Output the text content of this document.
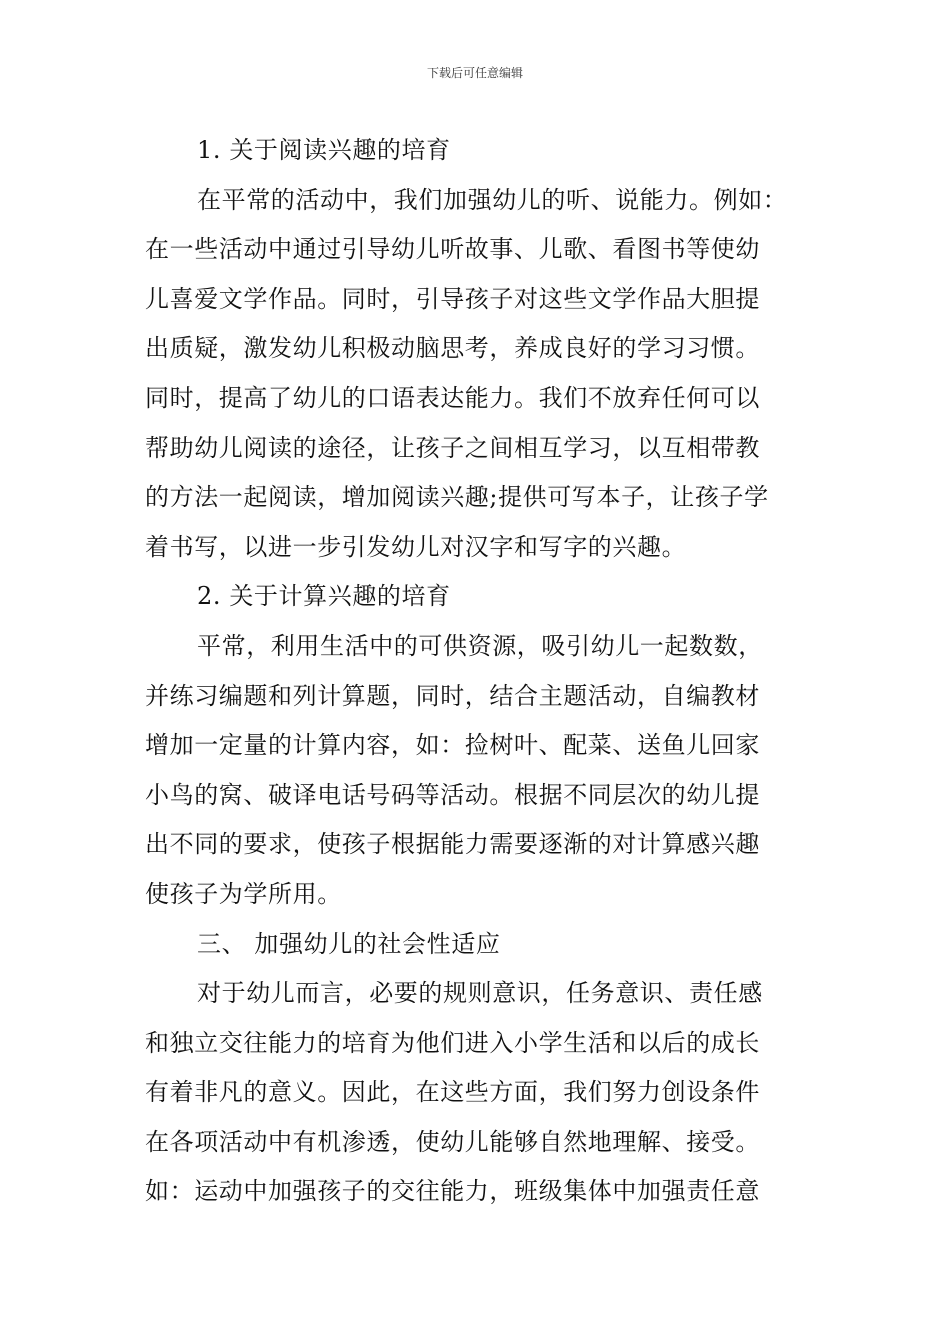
下载后可任意编辑
1. 关于阅读兴趣的培育
在平常的活动中，我们加强幼儿的听、说能力。例如：
在一些活动中通过引导幼儿听故事、儿歌、看图书等使幼
儿喜爱文学作品。同时，引导孩子对这些文学作品大胆提
出质疑，激发幼儿积极动脑思考，养成良好的学习习惯。
同时，提高了幼儿的口语表达能力。我们不放弃任何可以
帮助幼儿阅读的途径，让孩子之间相互学习，以互相带教
的方法一起阅读，增加阅读兴趣;提供可写本子，让孩子学
着书写，以进一步引发幼儿对汉字和写字的兴趣。
2. 关于计算兴趣的培育
平常，利用生活中的可供资源，吸引幼儿一起数数，
并练习编题和列计算题，同时，结合主题活动，自编教材
增加一定量的计算内容，如：捡树叶、配菜、送鱼儿回家
小鸟的窝、破译电话号码等活动。根据不同层次的幼儿提
出不同的要求，使孩子根据能力需要逐渐的对计算感兴趣
使孩子为学所用。
三、 加强幼儿的社会性适应
对于幼儿而言，必要的规则意识，任务意识、责任感
和独立交往能力的培育为他们进入小学生活和以后的成长
有着非凡的意义。因此，在这些方面，我们努力创设条件
在各项活动中有机渗透，使幼儿能够自然地理解、接受。
如：运动中加强孩子的交往能力，班级集体中加强责任意
